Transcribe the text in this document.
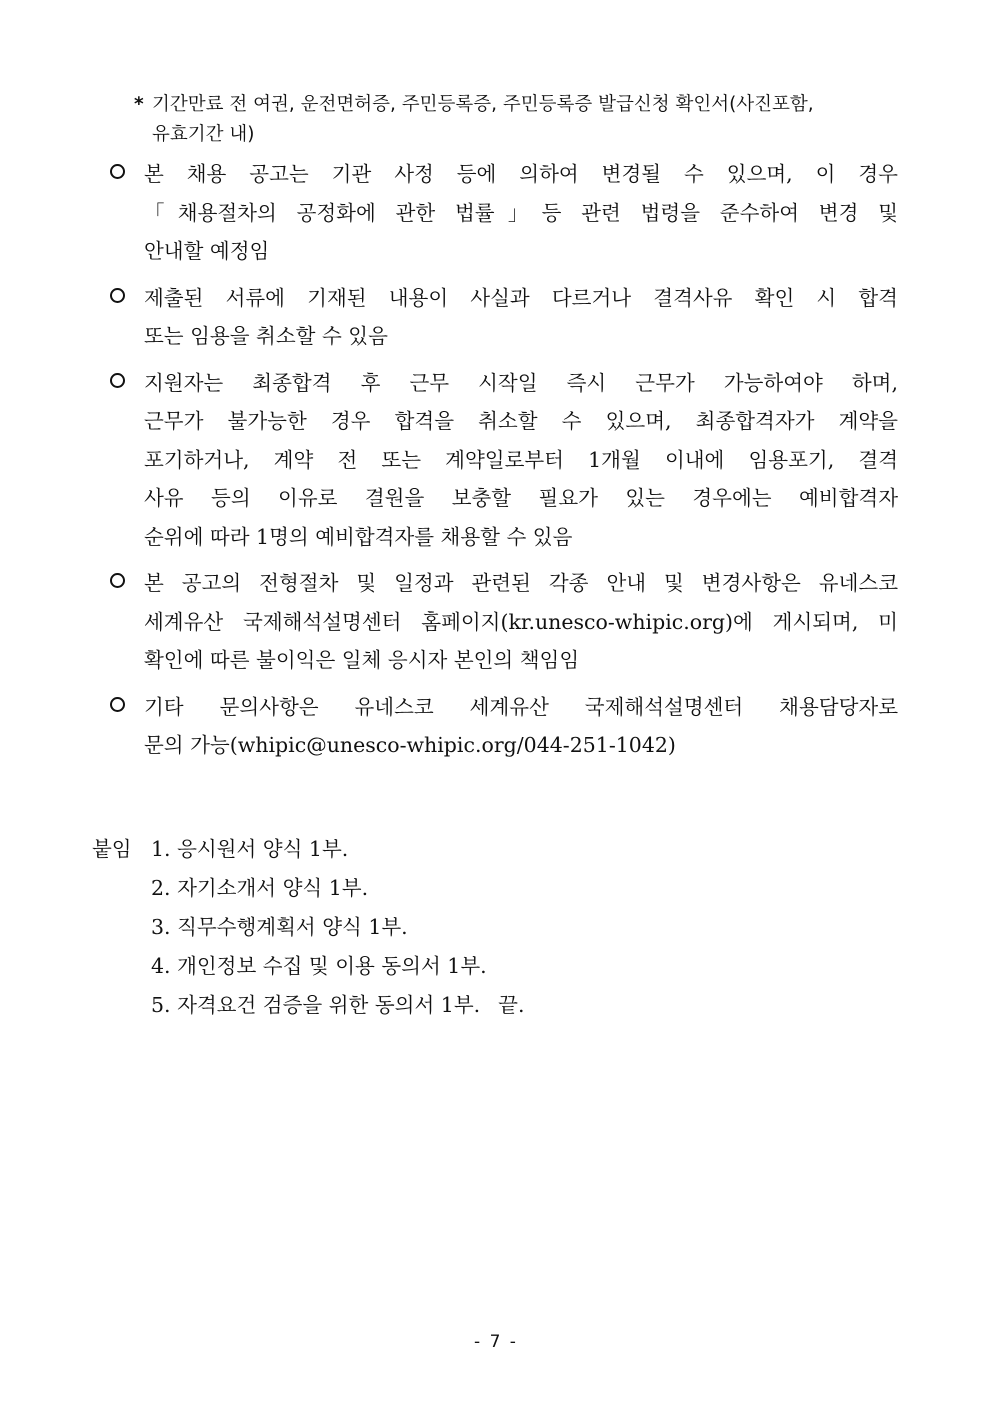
* 기간만료 전 여권, 운전면허증, 주민등록증, 주민등록증 발급신청 확인서(사진포함,
유효기간 내)
본 채용 공고는 기관 사정 등에 의하여 변경될 수 있으며, 이 경우
「채용절차의 공정화에 관한 법률」등 관련 법령을 준수하여 변경 및
안내할 예정임
제출된 서류에 기재된 내용이 사실과 다르거나 결격사유 확인 시 합격
또는 임용을 취소할 수 있음
지원자는 최종합격 후 근무 시작일 즉시 근무가 가능하여야 하며,
근무가 불가능한 경우 합격을 취소할 수 있으며, 최종합격자가 계약을
포기하거나, 계약 전 또는 계약일로부터 1개월 이내에 임용포기, 결격
사유 등의 이유로 결원을 보충할 필요가 있는 경우에는 예비합격자
순위에 따라 1명의 예비합격자를 채용할 수 있음
본 공고의 전형절차 및 일정과 관련된 각종 안내 및 변경사항은 유네스코
세계유산 국제해석설명센터 홈페이지(kr.unesco-whipic.org)에 게시되며, 미
확인에 따른 불이익은 일체 응시자 본인의 책임임
기타 문의사항은 유네스코 세계유산 국제해석설명센터 채용담당자로
문의 가능(whipic@unesco-whipic.org/044-251-1042)
붙임 1. 응시원서 양식 1부.
2. 자기소개서 양식 1부.
3. 직무수행계획서 양식 1부.
4. 개인정보 수집 및 이용 동의서 1부.
5. 자격요건 검증을 위한 동의서 1부. 끝.
- 7 -
